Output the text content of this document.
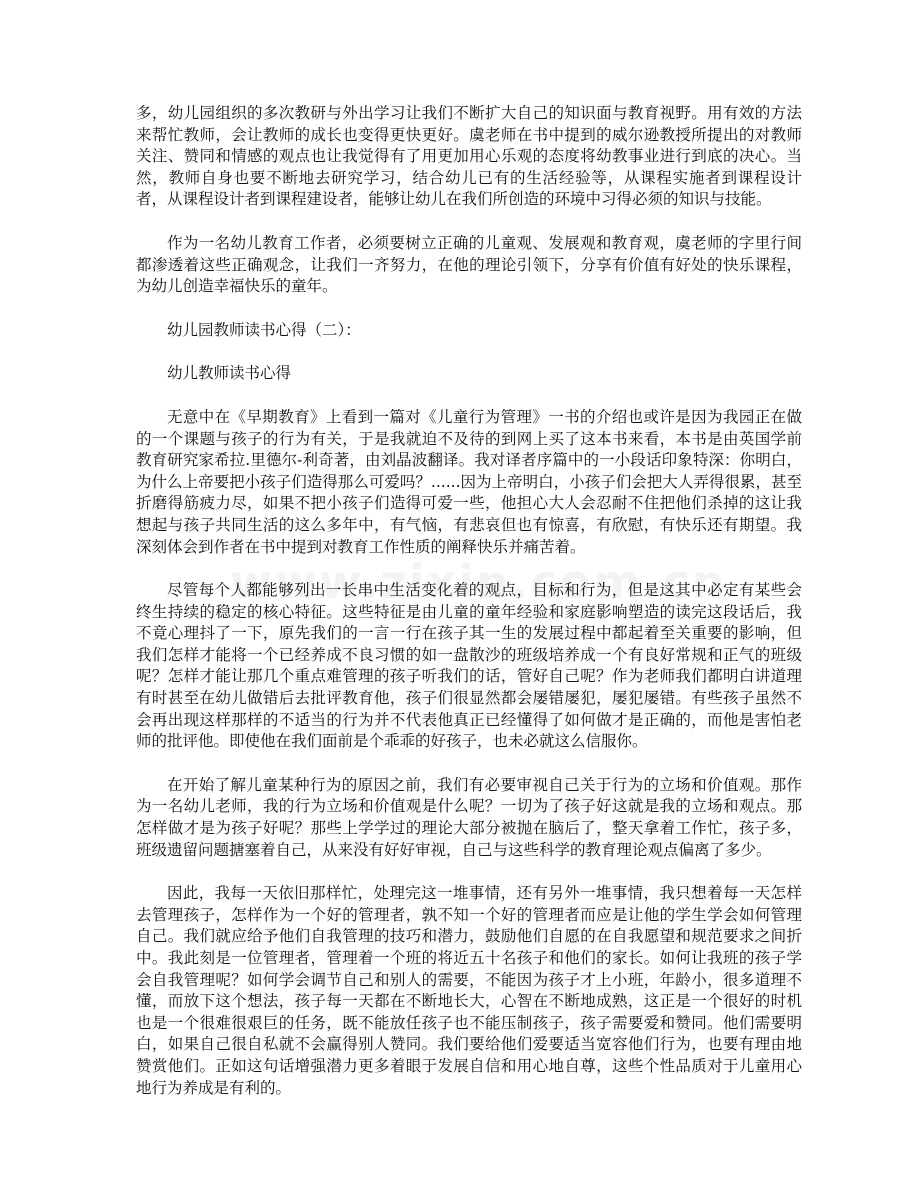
多，幼儿园组织的多次教研与外出学习让我们不断扩大自己的知识面与教育视野。用有效的方法来帮忙教师，会让教师的成长也变得更快更好。虞老师在书中提到的威尔逊教授所提出的对教师关注、赞同和情感的观点也让我觉得有了用更加用心乐观的态度将幼教事业进行到底的决心。当然，教师自身也要不断地去研究学习，结合幼儿已有的生活经验等，从课程实施者到课程设计者，从课程设计者到课程建设者，能够让幼儿在我们所创造的环境中习得必须的知识与技能。

作为一名幼儿教育工作者，必须要树立正确的儿童观、发展观和教育观，虞老师的字里行间都渗透着这些正确观念，让我们一齐努力，在他的理论引领下，分享有价值有好处的快乐课程，为幼儿创造幸福快乐的童年。

幼儿园教师读书心得（二）：

幼儿教师读书心得

无意中在《早期教育》上看到一篇对《儿童行为管理》一书的介绍也或许是因为我园正在做的一个课题与孩子的行为有关，于是我就迫不及待的到网上买了这本书来看，本书是由英国学前教育研究家希拉.里德尔-利奇著，由刘晶波翻译。我对译者序篇中的一小段话印象特深：你明白，为什么上帝要把小孩子们造得那么可爱吗？......因为上帝明白，小孩子们会把大人弄得很累，甚至折磨得筋疲力尽，如果不把小孩子们造得可爱一些，他担心大人会忍耐不住把他们杀掉的这让我想起与孩子共同生活的这么多年中，有气恼，有悲哀但也有惊喜，有欣慰，有快乐还有期望。我深刻体会到作者在书中提到对教育工作性质的阐释快乐并痛苦着。

尽管每个人都能够列出一长串中生活变化着的观点，目标和行为，但是这其中必定有某些会终生持续的稳定的核心特征。这些特征是由儿童的童年经验和家庭影响塑造的读完这段话后，我不竟心理抖了一下，原先我们的一言一行在孩子其一生的发展过程中都起着至关重要的影响，但我们怎样才能将一个已经养成不良习惯的如一盘散沙的班级培养成一个有良好常规和正气的班级呢？怎样才能让那几个重点难管理的孩子听我们的话，管好自己呢？作为老师我们都明白讲道理有时甚至在幼儿做错后去批评教育他，孩子们很显然都会屡错屡犯，屡犯屡错。有些孩子虽然不会再出现这样那样的不适当的行为并不代表他真正已经懂得了如何做才是正确的，而他是害怕老师的批评他。即使他在我们面前是个乖乖的好孩子，也未必就这么信服你。

在开始了解儿童某种行为的原因之前，我们有必要审视自己关于行为的立场和价值观。那作为一名幼儿老师，我的行为立场和价值观是什么呢？一切为了孩子好这就是我的立场和观点。那怎样做才是为孩子好呢？那些上学学过的理论大部分被抛在脑后了，整天拿着工作忙，孩子多，班级遗留问题搪塞着自己，从来没有好好审视，自己与这些科学的教育理论观点偏离了多少。

因此，我每一天依旧那样忙，处理完这一堆事情，还有另外一堆事情，我只想着每一天怎样去管理孩子，怎样作为一个好的管理者，孰不知一个好的管理者而应是让他的学生学会如何管理自己。我们就应给予他们自我管理的技巧和潜力，鼓励他们自愿的在自我愿望和规范要求之间折中。我此刻是一位管理者，管理着一个班的将近五十名孩子和他们的家长。如何让我班的孩子学会自我管理呢？如何学会调节自己和别人的需要，不能因为孩子才上小班，年龄小，很多道理不懂，而放下这个想法，孩子每一天都在不断地长大，心智在不断地成熟，这正是一个很好的时机也是一个很难很艰巨的任务，既不能放任孩子也不能压制孩子，孩子需要爱和赞同。他们需要明白，如果自己很自私就不会赢得别人赞同。我们要给他们爱要适当宽容他们行为，也要有理由地赞赏他们。正如这句话增强潜力更多着眼于发展自信和用心地自尊，这些个性品质对于儿童用心地行为养成是有利的。
